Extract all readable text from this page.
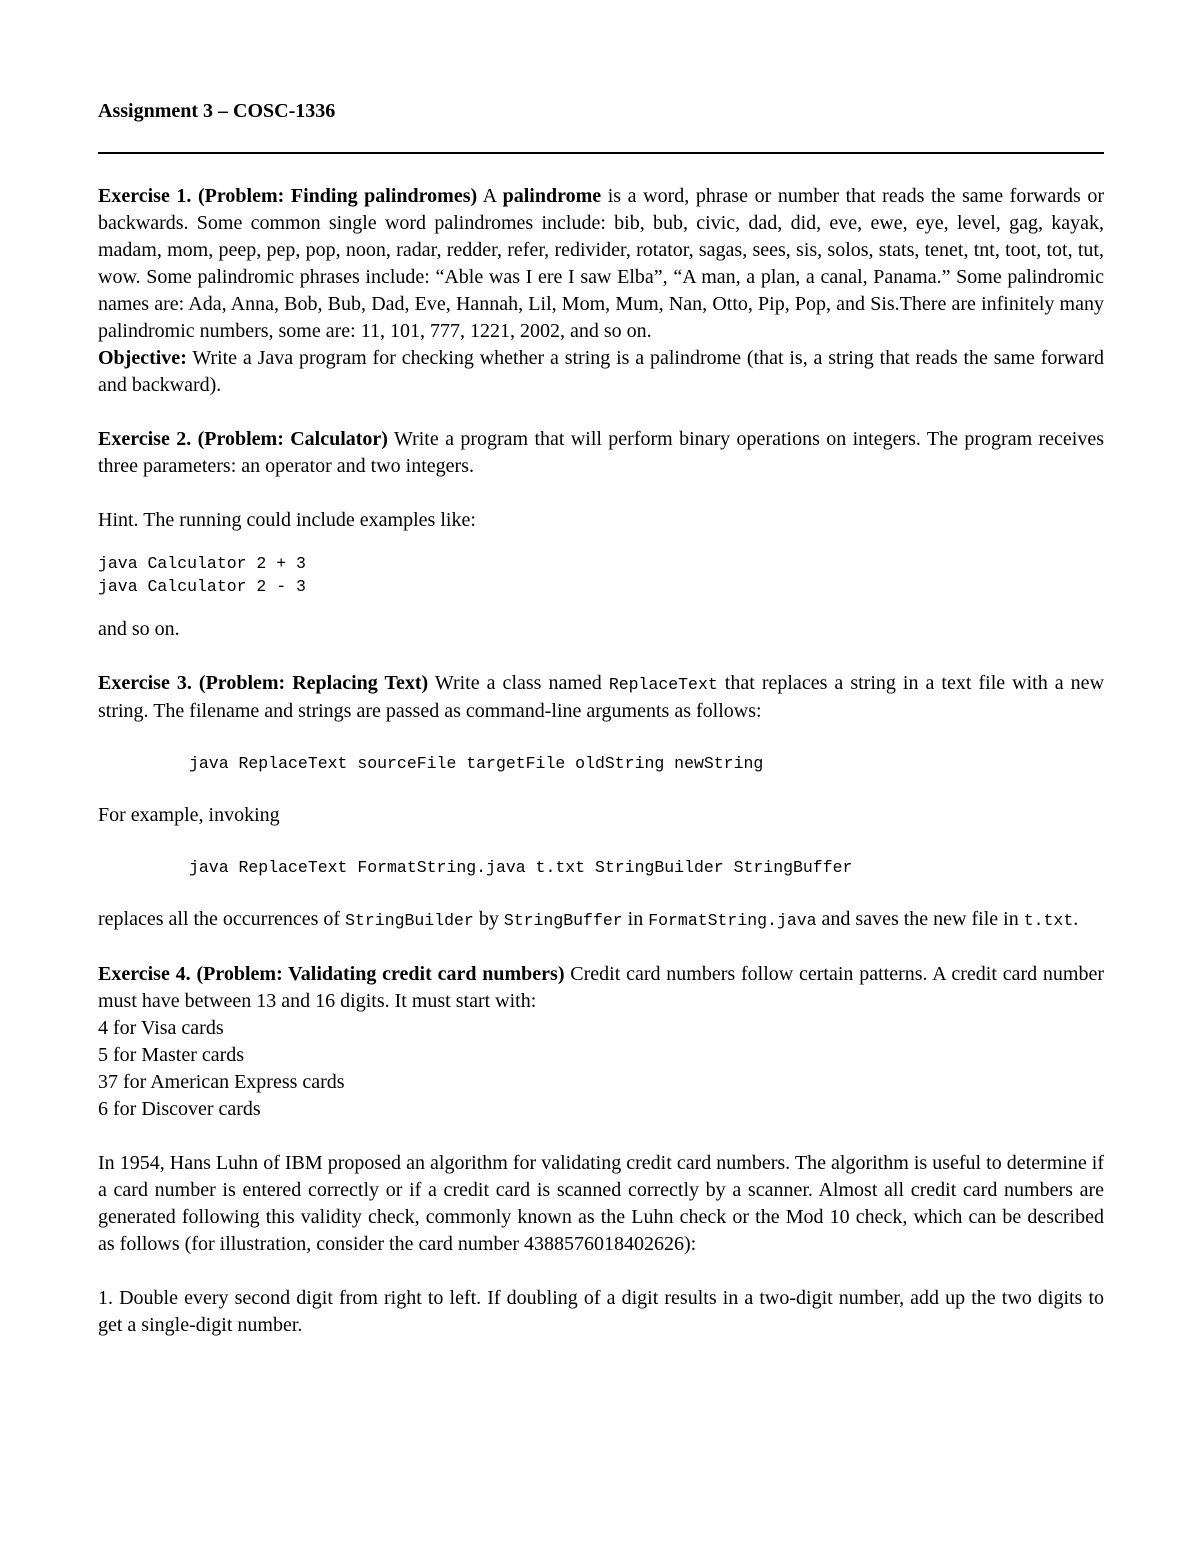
Assignment 3 – COSC-1336

Exercise 1. (Problem: Finding palindromes) A palindrome is a word, phrase or number that reads the same forwards or backwards. Some common single word palindromes include: bib, bub, civic, dad, did, eve, ewe, eye, level, gag, kayak, madam, mom, peep, pep, pop, noon, radar, redder, refer, redivider, rotator, sagas, sees, sis, solos, stats, tenet, tnt, toot, tot, tut, wow. Some palindromic phrases include: “Able was I ere I saw Elba”, “A man, a plan, a canal, Panama.” Some palindromic names are: Ada, Anna, Bob, Bub, Dad, Eve, Hannah, Lil, Mom, Mum, Nan, Otto, Pip, Pop, and Sis.There are infinitely many palindromic numbers, some are: 11, 101, 777, 1221, 2002, and so on.

Objective: Write a Java program for checking whether a string is a palindrome (that is, a string that reads the same forward and backward).

Exercise 2. (Problem: Calculator) Write a program that will perform binary operations on integers. The program receives three parameters: an operator and two integers.

Hint. The running could include examples like:

java Calculator 2 + 3
java Calculator 2 - 3

and so on.

Exercise 3. (Problem: Replacing Text) Write a class named ReplaceText that replaces a string in a text file with a new string. The filename and strings are passed as command-line arguments as follows:

java ReplaceText sourceFile targetFile oldString newString

For example, invoking

java ReplaceText FormatString.java t.txt StringBuilder StringBuffer

replaces all the occurrences of StringBuilder by StringBuffer in FormatString.java and saves the new file in t.txt.

Exercise 4. (Problem: Validating credit card numbers) Credit card numbers follow certain patterns. A credit card number must have between 13 and 16 digits. It must start with:

4 for Visa cards
5 for Master cards
37 for American Express cards
6 for Discover cards

In 1954, Hans Luhn of IBM proposed an algorithm for validating credit card numbers. The algorithm is useful to determine if a card number is entered correctly or if a credit card is scanned correctly by a scanner. Almost all credit card numbers are generated following this validity check, commonly known as the Luhn check or the Mod 10 check, which can be described as follows (for illustration, consider the card number 4388576018402626):

1. Double every second digit from right to left. If doubling of a digit results in a two-digit number, add up the two digits to get a single-digit number.
